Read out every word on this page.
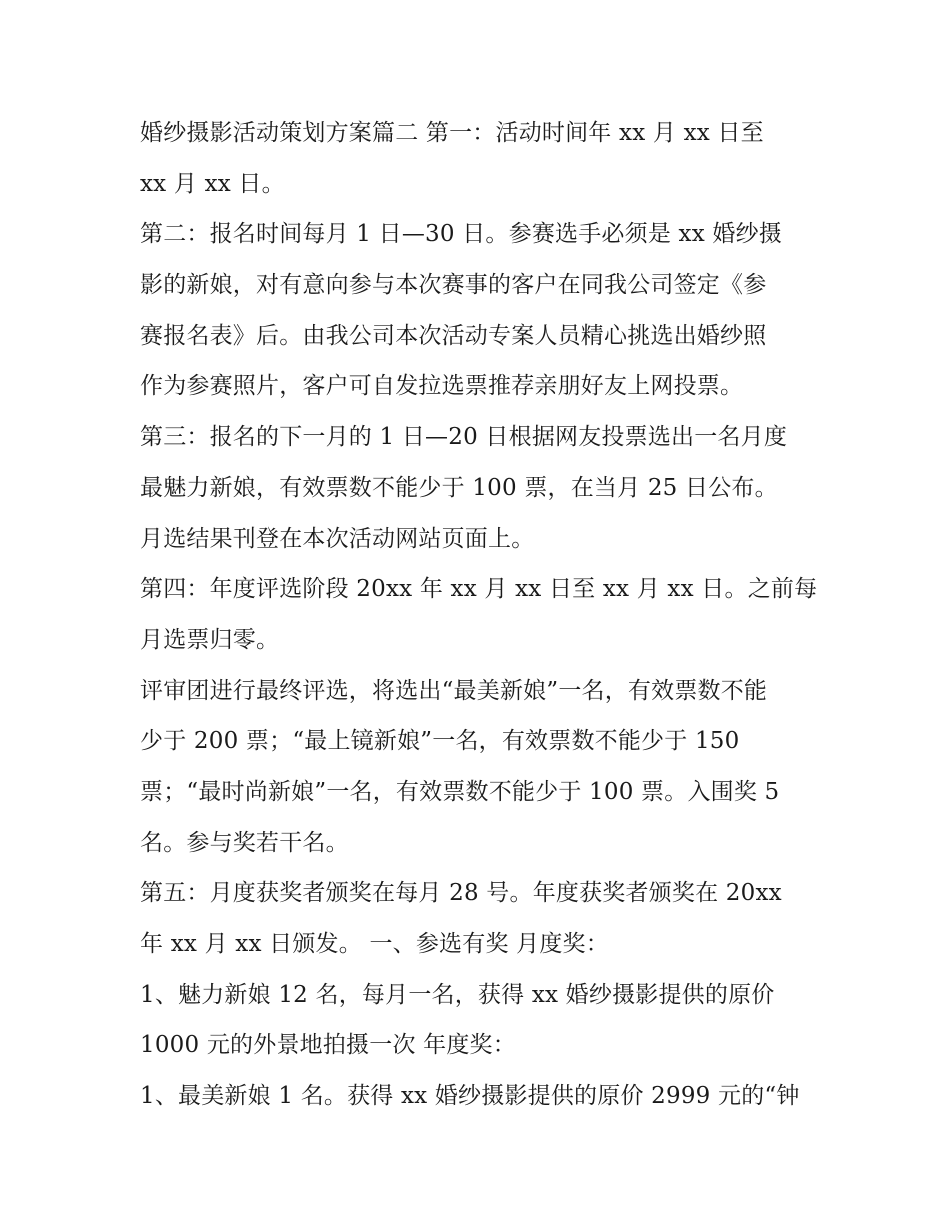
婚纱摄影活动策划方案篇二 第一：活动时间年 xx 月 xx 日至
xx 月 xx 日。
第二：报名时间每月 1 日—30 日。参赛选手必须是 xx 婚纱摄
影的新娘，对有意向参与本次赛事的客户在同我公司签定《参
赛报名表》后。由我公司本次活动专案人员精心挑选出婚纱照
作为参赛照片，客户可自发拉选票推荐亲朋好友上网投票。
第三：报名的下一月的 1 日—20 日根据网友投票选出一名月度
最魅力新娘，有效票数不能少于 100 票，在当月 25 日公布。
月选结果刊登在本次活动网站页面上。
第四：年度评选阶段 20xx 年 xx 月 xx 日至 xx 月 xx 日。之前每
月选票归零。
评审团进行最终评选，将选出“最美新娘”一名，有效票数不能
少于 200 票；“最上镜新娘”一名，有效票数不能少于 150
票；“最时尚新娘”一名，有效票数不能少于 100 票。入围奖 5
名。参与奖若干名。
第五：月度获奖者颁奖在每月 28 号。年度获奖者颁奖在 20xx
年 xx 月 xx 日颁发。 一、参选有奖 月度奖：
1、魅力新娘 12 名，每月一名，获得 xx 婚纱摄影提供的原价
1000 元的外景地拍摄一次 年度奖：
1、最美新娘 1 名。获得 xx 婚纱摄影提供的原价 2999 元的“钟
